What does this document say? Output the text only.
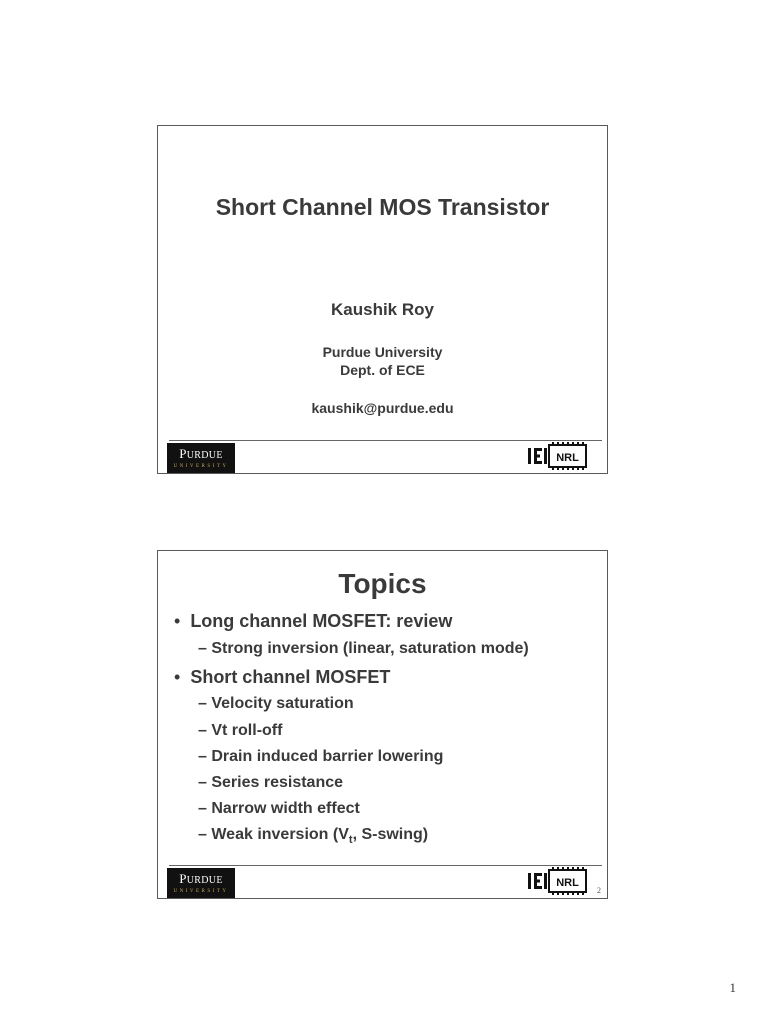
Short Channel MOS Transistor
Kaushik Roy
Purdue University
Dept. of ECE
kaushik@purdue.edu
PURDUE
UNIVERSITY
NRL
Topics
• Long channel MOSFET: review
– Strong inversion (linear, saturation mode)
• Short channel MOSFET
– Velocity saturation
– Vt roll-off
– Drain induced barrier lowering
– Series resistance
– Narrow width effect
– Weak inversion ($V_t$, S-swing)
PURDUE
UNIVERSITY
NRL
2
1
